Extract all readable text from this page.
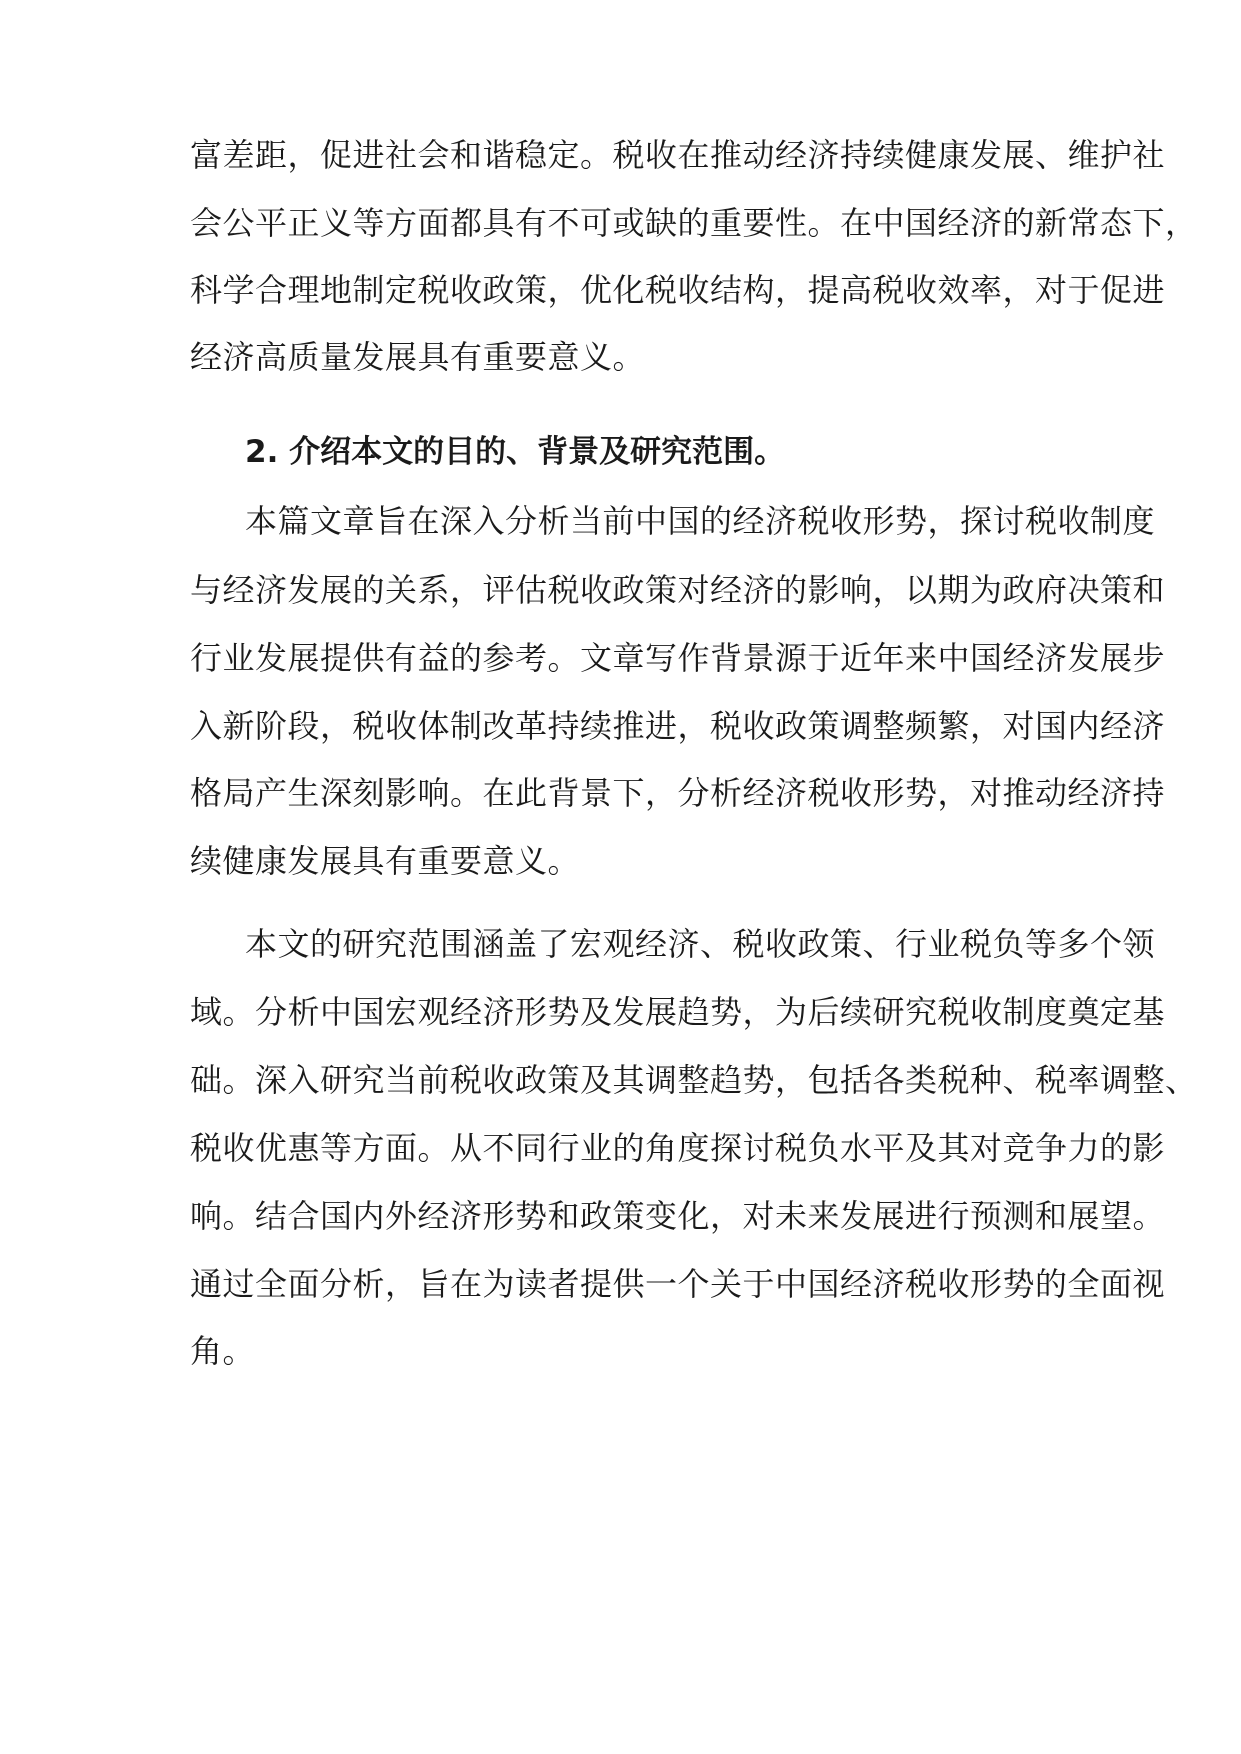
富差距，促进社会和谐稳定。税收在推动经济持续健康发展、维护社
会公平正义等方面都具有不可或缺的重要性。在中国经济的新常态下，
科学合理地制定税收政策，优化税收结构，提高税收效率，对于促进
经济高质量发展具有重要意义。
2. 介绍本文的目的、背景及研究范围。
本篇文章旨在深入分析当前中国的经济税收形势，探讨税收制度
与经济发展的关系，评估税收政策对经济的影响，以期为政府决策和
行业发展提供有益的参考。文章写作背景源于近年来中国经济发展步
入新阶段，税收体制改革持续推进，税收政策调整频繁，对国内经济
格局产生深刻影响。在此背景下，分析经济税收形势，对推动经济持
续健康发展具有重要意义。
本文的研究范围涵盖了宏观经济、税收政策、行业税负等多个领
域。分析中国宏观经济形势及发展趋势，为后续研究税收制度奠定基
础。深入研究当前税收政策及其调整趋势，包括各类税种、税率调整、
税收优惠等方面。从不同行业的角度探讨税负水平及其对竞争力的影
响。结合国内外经济形势和政策变化，对未来发展进行预测和展望。
通过全面分析，旨在为读者提供一个关于中国经济税收形势的全面视
角。
